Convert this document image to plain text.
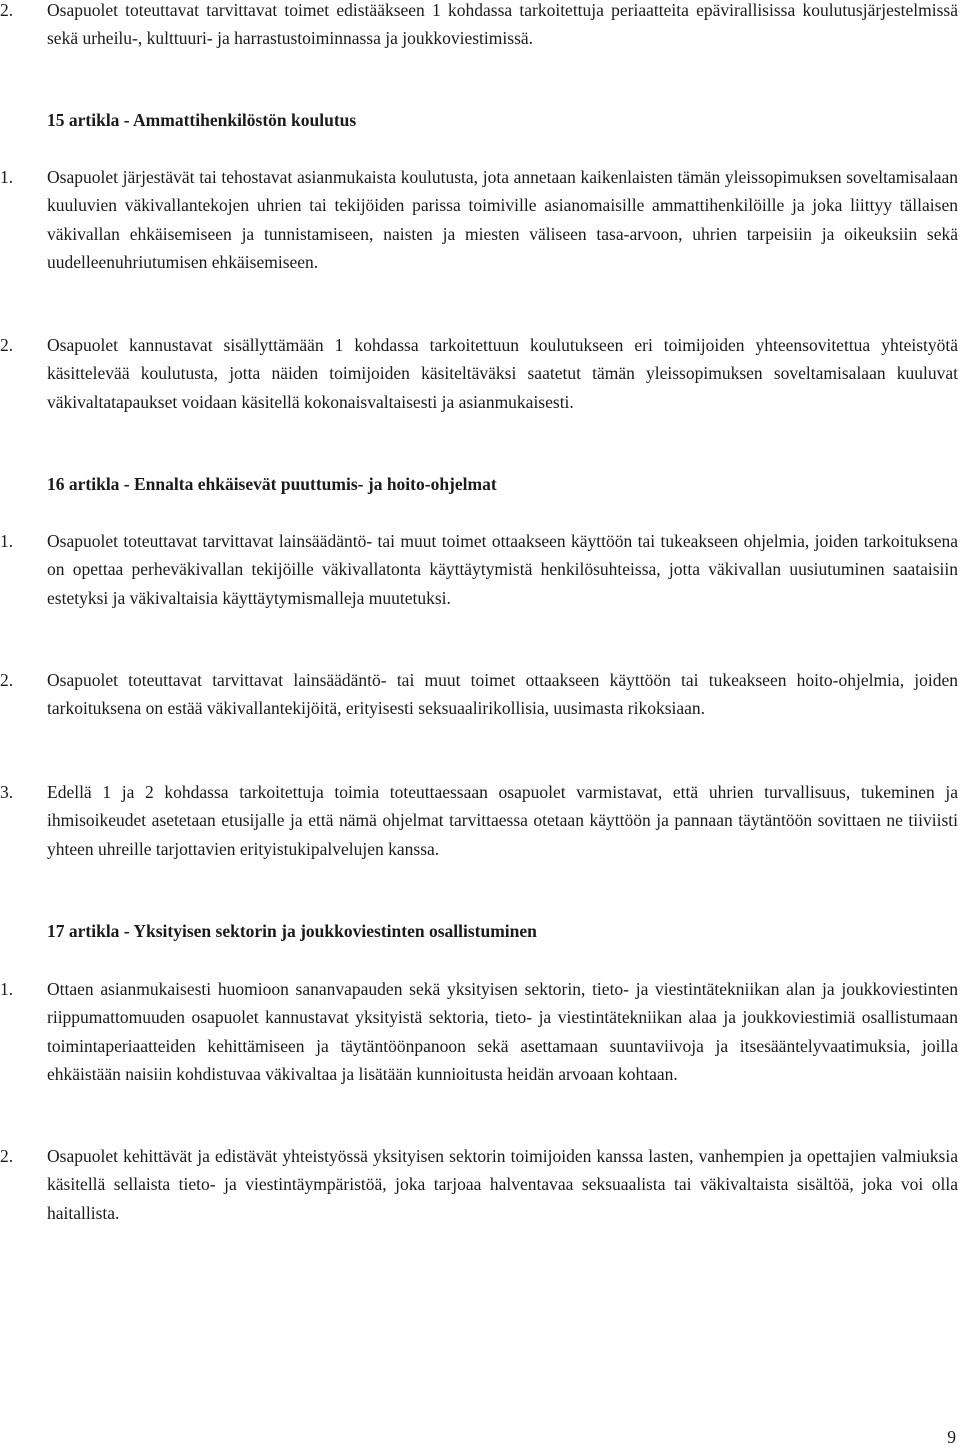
2. Osapuolet toteuttavat tarvittavat toimet edistääkseen 1 kohdassa tarkoitettuja periaatteita epävirallisissa koulutusjärjestelmissä sekä urheilu-, kulttuuri- ja harrastustoiminnassa ja joukkoviestimissä.
15 artikla - Ammattihenkilöstön koulutus
1. Osapuolet järjestävät tai tehostavat asianmukaista koulutusta, jota annetaan kaikenlaisten tämän yleissopimuksen soveltamisalaan kuuluvien väkivallantekojen uhrien tai tekijöiden parissa toimiville asianomaisille ammattihenkilöille ja joka liittyy tällaisen väkivallan ehkäisemiseen ja tunnistamiseen, naisten ja miesten väliseen tasa-arvoon, uhrien tarpeisiin ja oikeuksiin sekä uudelleenuhriutumisen ehkäisemiseen.
2. Osapuolet kannustavat sisällyttämään 1 kohdassa tarkoitettuun koulutukseen eri toimijoiden yhteensovitettua yhteistyötä käsittelevää koulutusta, jotta näiden toimijoiden käsiteltäväksi saatetut tämän yleissopimuksen soveltamisalaan kuuluvat väkivaltatapaukset voidaan käsitellä kokonaisvaltaisesti ja asianmukaisesti.
16 artikla - Ennalta ehkäisevät puuttumis- ja hoito-ohjelmat
1. Osapuolet toteuttavat tarvittavat lainsäädäntö- tai muut toimet ottaakseen käyttöön tai tukeakseen ohjelmia, joiden tarkoituksena on opettaa perheväkivallan tekijöille väkivallatonta käyttäytymistä henkilösuhteissa, jotta väkivallan uusiutuminen saataisiin estetyksi ja väkivaltaisia käyttäytymismalleja muutetuksi.
2. Osapuolet toteuttavat tarvittavat lainsäädäntö- tai muut toimet ottaakseen käyttöön tai tukeakseen hoito-ohjelmia, joiden tarkoituksena on estää väkivallantekijöitä, erityisesti seksuaalirikollisia, uusimasta rikoksiaan.
3. Edellä 1 ja 2 kohdassa tarkoitettuja toimia toteuttaessaan osapuolet varmistavat, että uhrien turvallisuus, tukeminen ja ihmisoikeudet asetetaan etusijalle ja että nämä ohjelmat tarvittaessa otetaan käyttöön ja pannaan täytäntöön sovittaen ne tiiviisti yhteen uhreille tarjottavien erityistukipalvelujen kanssa.
17 artikla - Yksityisen sektorin ja joukkoviestinten osallistuminen
1. Ottaen asianmukaisesti huomioon sananvapauden sekä yksityisen sektorin, tieto- ja viestintätekniikan alan ja joukkoviestinten riippumattomuuden osapuolet kannustavat yksityistä sektoria, tieto- ja viestintätekniikan alaa ja joukkoviestimiä osallistumaan toimintaperiaatteiden kehittämiseen ja täytäntöönpanoon sekä asettamaan suuntaviivoja ja itsesääntelyvaatimuksia, joilla ehkäistään naisiin kohdistuvaa väkivaltaa ja lisätään kunnioitusta heidän arvoaan kohtaan.
2. Osapuolet kehittävät ja edistävät yhteistyössä yksityisen sektorin toimijoiden kanssa lasten, vanhempien ja opettajien valmiuksia käsitellä sellaista tieto- ja viestintäympäristöä, joka tarjoaa halventavaa seksuaalista tai väkivaltaista sisältöä, joka voi olla haitallista.
9
